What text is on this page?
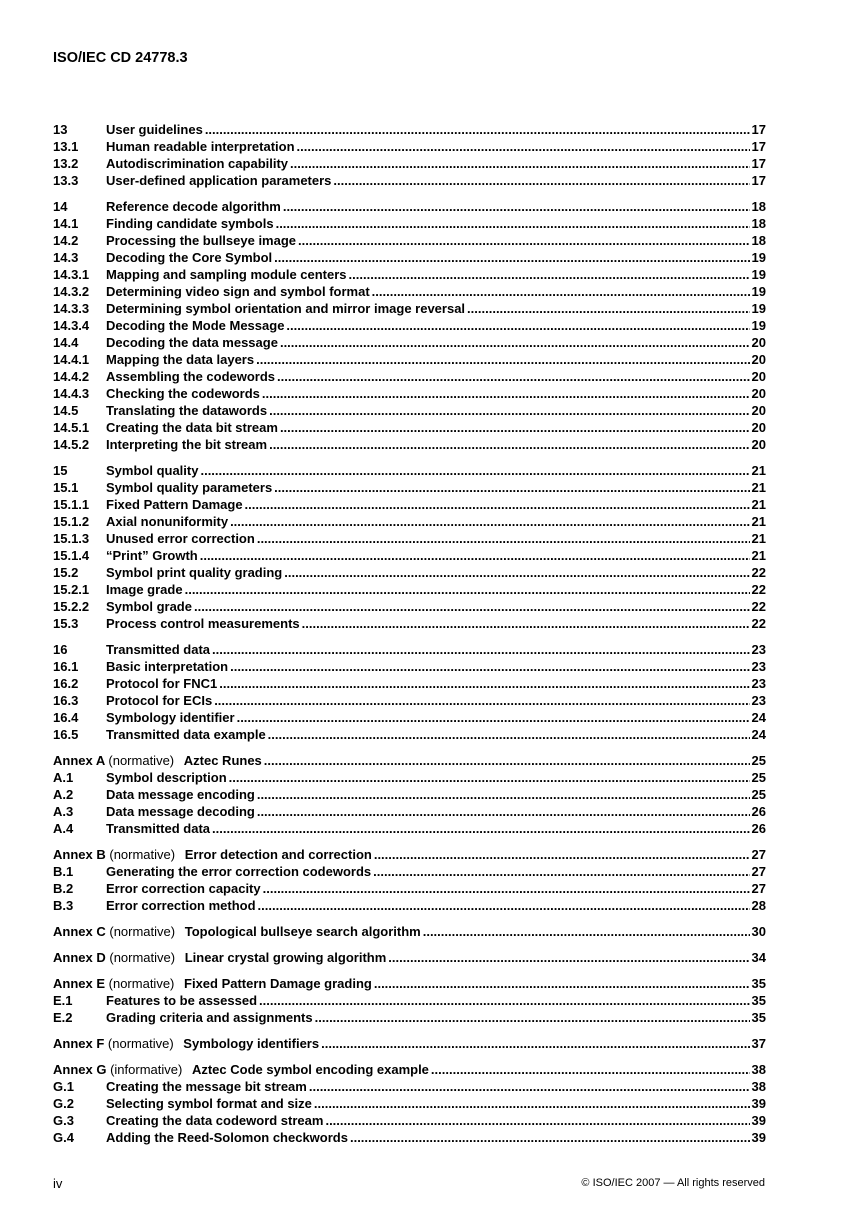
ISO/IEC CD 24778.3
13	User guidelines .....	17
13.1	Human readable interpretation .....	17
13.2	Autodiscrimination capability .....	17
13.3	User-defined application parameters .....	17
14	Reference decode algorithm .....	18
14.1	Finding candidate symbols .....	18
14.2	Processing the bullseye image .....	18
14.3	Decoding the Core Symbol .....	19
14.3.1	Mapping and sampling module centers .....	19
14.3.2	Determining video sign and symbol format .....	19
14.3.3	Determining symbol orientation and mirror image reversal .....	19
14.3.4	Decoding the Mode Message .....	19
14.4	Decoding the data message .....	20
14.4.1	Mapping the data layers .....	20
14.4.2	Assembling the codewords .....	20
14.4.3	Checking the codewords .....	20
14.5	Translating the datawords .....	20
14.5.1	Creating the data bit stream .....	20
14.5.2	Interpreting the bit stream .....	20
15	Symbol quality .....	21
15.1	Symbol quality parameters .....	21
15.1.1	Fixed Pattern Damage .....	21
15.1.2	Axial nonuniformity .....	21
15.1.3	Unused error correction .....	21
15.1.4	“Print” Growth .....	21
15.2	Symbol print quality grading .....	22
15.2.1	Image grade .....	22
15.2.2	Symbol grade .....	22
15.3	Process control measurements .....	22
16	Transmitted data .....	23
16.1	Basic interpretation .....	23
16.2	Protocol for FNC1 .....	23
16.3	Protocol for ECIs .....	23
16.4	Symbology identifier .....	24
16.5	Transmitted data example .....	24
Annex A (normative) Aztec Runes .....	25
A.1	Symbol description .....	25
A.2	Data message encoding .....	25
A.3	Data message decoding .....	26
A.4	Transmitted data .....	26
Annex B (normative) Error detection and correction .....	27
B.1	Generating the error correction codewords .....	27
B.2	Error correction capacity .....	27
B.3	Error correction method .....	28
Annex C (normative) Topological bullseye search algorithm .....	30
Annex D (normative) Linear crystal growing algorithm .....	34
Annex E (normative) Fixed Pattern Damage grading .....	35
E.1	Features to be assessed .....	35
E.2	Grading criteria and assignments .....	35
Annex F (normative) Symbology identifiers .....	37
Annex G (informative) Aztec Code symbol encoding example .....	38
G.1	Creating the message bit stream .....	38
G.2	Selecting symbol format and size .....	39
G.3	Creating the data codeword stream .....	39
G.4	Adding the Reed-Solomon checkwords .....	39
iv	© ISO/IEC 2007 — All rights reserved
